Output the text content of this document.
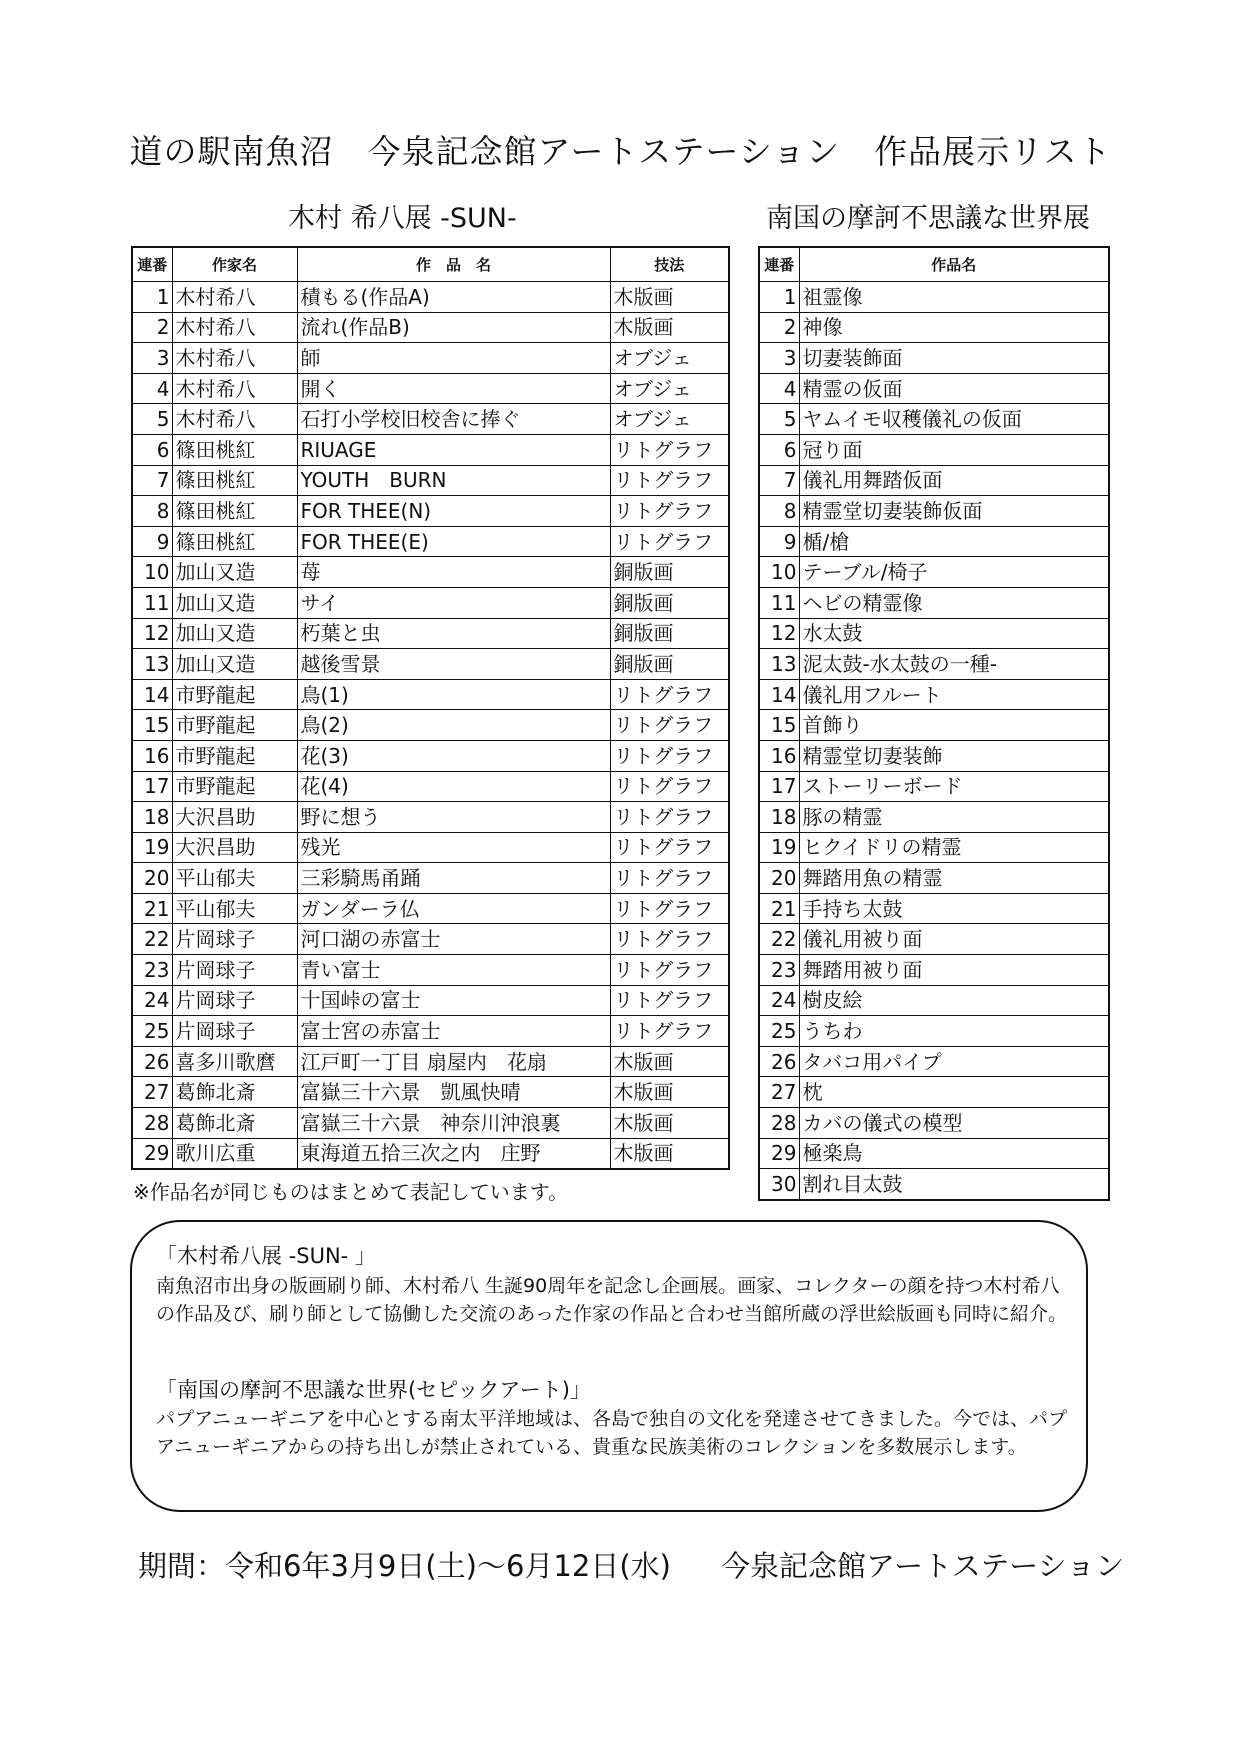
道の駅南魚沼　今泉記念館アートステーション　作品展示リスト
木村 希八展 -SUN-	南国の摩訶不思議な世界展
連番	作家名	作　品　名	技法
1	木村希八	積もる(作品A)	木版画
2	木村希八	流れ(作品B)	木版画
3	木村希八	師	オブジェ
4	木村希八	開く	オブジェ
5	木村希八	石打小学校旧校舎に捧ぐ	オブジェ
6	篠田桃紅	RIUAGE	リトグラフ
7	篠田桃紅	YOUTH　BURN	リトグラフ
8	篠田桃紅	FOR THEE(N)	リトグラフ
9	篠田桃紅	FOR THEE(E)	リトグラフ
10	加山又造	苺	銅版画
11	加山又造	サイ	銅版画
12	加山又造	朽葉と虫	銅版画
13	加山又造	越後雪景	銅版画
14	市野龍起	鳥(1)	リトグラフ
15	市野龍起	鳥(2)	リトグラフ
16	市野龍起	花(3)	リトグラフ
17	市野龍起	花(4)	リトグラフ
18	大沢昌助	野に想う	リトグラフ
19	大沢昌助	残光	リトグラフ
20	平山郁夫	三彩騎馬甬踊	リトグラフ
21	平山郁夫	ガンダーラ仏	リトグラフ
22	片岡球子	河口湖の赤富士	リトグラフ
23	片岡球子	青い富士	リトグラフ
24	片岡球子	十国峠の富士	リトグラフ
25	片岡球子	富士宮の赤富士	リトグラフ
26	喜多川歌麿	江戸町一丁目 扇屋内　花扇	木版画
27	葛飾北斎	富嶽三十六景　凱風快晴	木版画
28	葛飾北斎	富嶽三十六景　神奈川沖浪裏	木版画
29	歌川広重	東海道五拾三次之内　庄野	木版画
連番	作品名
1	祖霊像
2	神像
3	切妻装飾面
4	精霊の仮面
5	ヤムイモ収穫儀礼の仮面
6	冠り面
7	儀礼用舞踏仮面
8	精霊堂切妻装飾仮面
9	楯/槍
10	テーブル/椅子
11	ヘビの精霊像
12	水太鼓
13	泥太鼓-水太鼓の一種-
14	儀礼用フルート
15	首飾り
16	精霊堂切妻装飾
17	ストーリーボード
18	豚の精霊
19	ヒクイドリの精霊
20	舞踏用魚の精霊
21	手持ち太鼓
22	儀礼用被り面
23	舞踏用被り面
24	樹皮絵
25	うちわ
26	タバコ用パイプ
27	枕
28	カバの儀式の模型
29	極楽鳥
30	割れ目太鼓
※作品名が同じものはまとめて表記しています。
「木村希八展 -SUN- 」
南魚沼市出身の版画刷り師、木村希八 生誕90周年を記念し企画展。画家、コレクターの顔を持つ木村希八の作品及び、刷り師として協働した交流のあった作家の作品と合わせ当館所蔵の浮世絵版画も同時に紹介。
「南国の摩訶不思議な世界(セピックアート)」
パプアニューギニアを中心とする南太平洋地域は、各島で独自の文化を発達させてきました。今では、パプアニューギニアからの持ち出しが禁止されている、貴重な民族美術のコレクションを多数展示します。
期間：令和6年3月9日(土)～6月12日(水) 今泉記念館アートステーション
